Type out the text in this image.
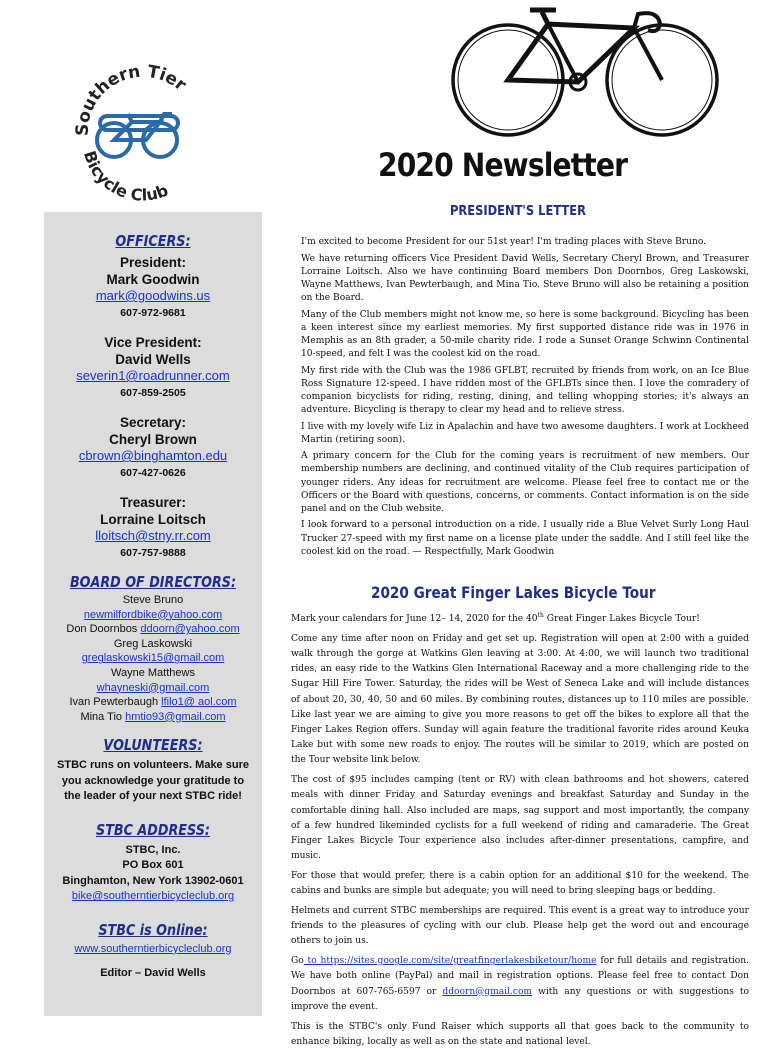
Southern Tier
Bicycle Club
2020 Newsletter
OFFICERS:
President:
Mark Goodwin
mark@goodwins.us
607-972-9681
Vice President:
David Wells
severin1@roadrunner.com
607-859-2505
Secretary:
Cheryl Brown
cbrown@binghamton.edu
607-427-0626
Treasurer:
Lorraine Loitsch
lloitsch@stny.rr.com
607-757-9888
BOARD OF DIRECTORS:
Steve Bruno
newmilfordbike@yahoo.com
Don Doornbos ddoorn@yahoo.com
Greg Laskowski
greglaskowski15@gmail.com
Wayne Matthews
whayneski@gmail.com
Ivan Pewterbaugh lfilo1@ aol.com
Mina Tio hmtio93@gmail.com
VOLUNTEERS:
STBC runs on volunteers. Make sure you acknowledge your gratitude to the leader of your next STBC ride!
STBC ADDRESS:
STBC, Inc.
PO Box 601
Binghamton, New York 13902-0601
bike@southerntierbicycleclub.org
STBC is Online:
www.southerntierbicycleclub.org
Editor – David Wells
PRESIDENT'S LETTER

I'm excited to become President for our 51st year! I'm trading places with Steve Bruno.

We have returning officers Vice President David Wells, Secretary Cheryl Brown, and Treasurer Lorraine Loitsch. Also we have continuing Board members Don Doornbos, Greg Laskowski, Wayne Matthews, Ivan Pewterbaugh, and Mina Tio. Steve Bruno will also be retaining a position on the Board.

Many of the Club members might not know me, so here is some background. Bicycling has been a keen interest since my earliest memories. My first supported distance ride was in 1976 in Memphis as an 8th grader, a 50-mile charity ride. I rode a Sunset Orange Schwinn Continental 10-speed, and felt I was the coolest kid on the road.

My first ride with the Club was the 1986 GFLBT, recruited by friends from work, on an Ice Blue Ross Signature 12-speed. I have ridden most of the GFLBTs since then. I love the comradery of companion bicyclists for riding, resting, dining, and telling whopping stories; it's always an adventure. Bicycling is therapy to clear my head and to relieve stress.

I live with my lovely wife Liz in Apalachin and have two awesome daughters. I work at Lockheed Martin (retiring soon).

A primary concern for the Club for the coming years is recruitment of new members. Our membership numbers are declining, and continued vitality of the Club requires participation of younger riders. Any ideas for recruitment are welcome. Please feel free to contact me or the Officers or the Board with questions, concerns, or comments. Contact information is on the side panel and on the Club website.

I look forward to a personal introduction on a ride. I usually ride a Blue Velvet Surly Long Haul Trucker 27-speed with my first name on a license plate under the saddle. And I still feel like the coolest kid on the road. — Respectfully, Mark Goodwin

2020 Great Finger Lakes Bicycle Tour

Mark your calendars for June 12– 14, 2020 for the 40th Great Finger Lakes Bicycle Tour!

Come any time after noon on Friday and get set up. Registration will open at 2:00 with a guided walk through the gorge at Watkins Glen leaving at 3:00. At 4:00, we will launch two traditional rides, an easy ride to the Watkins Glen International Raceway and a more challenging ride to the Sugar Hill Fire Tower. Saturday, the rides will be West of Seneca Lake and will include distances of about 20, 30, 40, 50 and 60 miles. By combining routes, distances up to 110 miles are possible. Like last year we are aiming to give you more reasons to get off the bikes to explore all that the Finger Lakes Region offers. Sunday will again feature the traditional favorite rides around Keuka Lake but with some new roads to enjoy. The routes will be similar to 2019, which are posted on the Tour website link below.

The cost of $95 includes camping (tent or RV) with clean bathrooms and hot showers, catered meals with dinner Friday and Saturday evenings and breakfast Saturday and Sunday in the comfortable dining hall. Also included are maps, sag support and most importantly, the company of a few hundred likeminded cyclists for a full weekend of riding and camaraderie. The Great Finger Lakes Bicycle Tour experience also includes after-dinner presentations, campfire, and music.

For those that would prefer, there is a cabin option for an additional $10 for the weekend. The cabins and bunks are simple but adequate; you will need to bring sleeping bags or bedding.

Helmets and current STBC memberships are required. This event is a great way to introduce your friends to the pleasures of cycling with our club. Please help get the word out and encourage others to join us.

Go to https://sites.google.com/site/greatfingerlakesbiketour/home for full details and registration. We have both online (PayPal) and mail in registration options. Please feel free to contact Don Doornbos at 607-765-6597 or ddoorn@gmail.com with any questions or with suggestions to improve the event.

This is the STBC's only Fund Raiser which supports all that goes back to the community to enhance biking, locally as well as on the state and national level.
